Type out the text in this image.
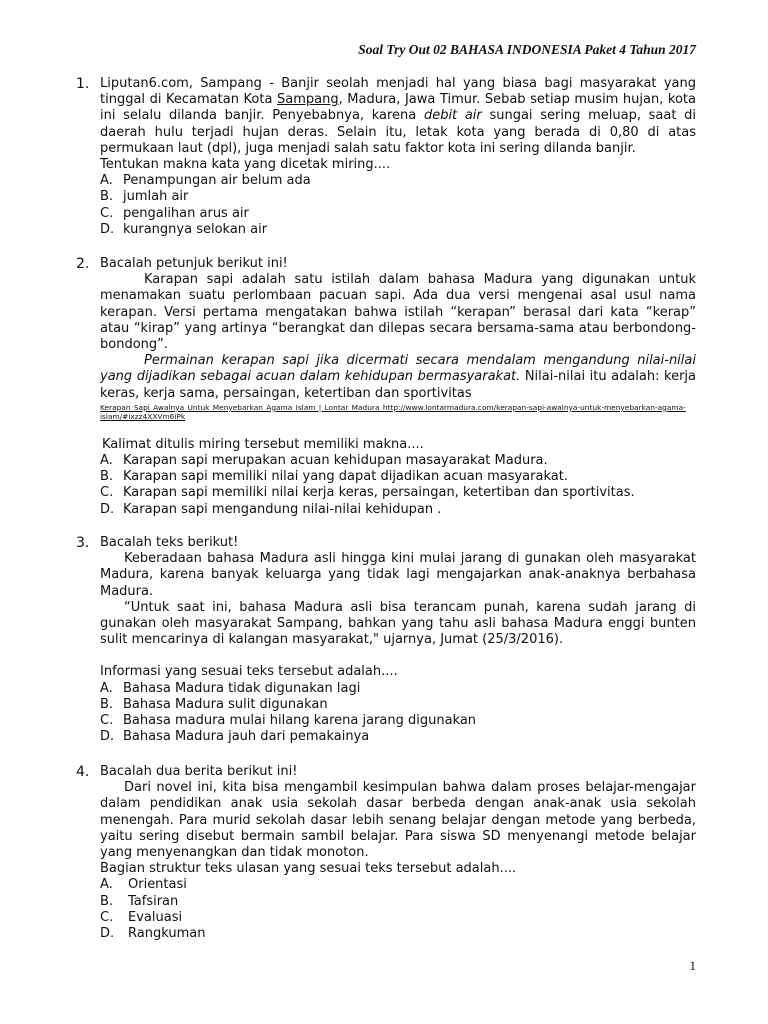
Soal Try Out 02 BAHASA INDONESIA Paket 4 Tahun 2017
1. Liputan6.com, Sampang - Banjir seolah menjadi hal yang biasa bagi masyarakat yang tinggal di Kecamatan Kota Sampang, Madura, Jawa Timur. Sebab setiap musim hujan, kota ini selalu dilanda banjir. Penyebabnya, karena debit air sungai sering meluap, saat di daerah hulu terjadi hujan deras. Selain itu, letak kota yang berada di 0,80 di atas permukaan laut (dpl), juga menjadi salah satu faktor kota ini sering dilanda banjir.
Tentukan makna kata yang dicetak miring....
A. Penampungan air belum ada
B. jumlah air
C. pengalihan arus air
D. kurangnya selokan air
2. Bacalah petunjuk berikut ini!
Karapan sapi adalah satu istilah dalam bahasa Madura yang digunakan untuk menamakan suatu perlombaan pacuan sapi. Ada dua versi mengenai asal usul nama kerapan. Versi pertama mengatakan bahwa istilah “kerapan” berasal dari kata “kerap” atau “kirap” yang artinya “berangkat dan dilepas secara bersama-sama atau berbondong-bondong”.
Permainan kerapan sapi jika dicermati secara mendalam mengandung nilai-nilai yang dijadikan sebagai acuan dalam kehidupan bermasyarakat. Nilai-nilai itu adalah: kerja keras, kerja sama, persaingan, ketertiban dan sportivitas
Kerapan Sapi Awalnya Untuk Menyebarkan Agama Islam | Lontar Madura http://www.lontarmadura.com/kerapan-sapi-awalnya-untuk-menyebarkan-agama-islam/#ixzz4XXVm6iPk
Kalimat ditulis miring tersebut memiliki makna....
A. Karapan sapi merupakan acuan kehidupan masayarakat Madura.
B. Karapan sapi memiliki nilai yang dapat dijadikan acuan masyarakat.
C. Karapan sapi memiliki nilai kerja keras, persaingan, ketertiban dan sportivitas.
D. Karapan sapi mengandung nilai-nilai kehidupan .
3. Bacalah teks berikut!
Keberadaan bahasa Madura asli hingga kini mulai jarang di gunakan oleh masyarakat Madura, karena banyak keluarga yang tidak lagi mengajarkan anak-anaknya berbahasa Madura.
“Untuk saat ini, bahasa Madura asli bisa terancam punah, karena sudah jarang di gunakan oleh masyarakat Sampang, bahkan yang tahu asli bahasa Madura enggi bunten sulit mencarinya di kalangan masyarakat," ujarnya, Jumat (25/3/2016).
Informasi yang sesuai teks tersebut adalah....
A. Bahasa Madura tidak digunakan lagi
B. Bahasa Madura sulit digunakan
C. Bahasa madura mulai hilang karena jarang digunakan
D. Bahasa Madura jauh dari pemakainya
4. Bacalah dua berita berikut ini!
Dari novel ini, kita bisa mengambil kesimpulan bahwa dalam proses belajar-mengajar dalam pendidikan anak usia sekolah dasar berbeda dengan anak-anak usia sekolah menengah. Para murid sekolah dasar lebih senang belajar dengan metode yang berbeda, yaitu sering disebut bermain sambil belajar. Para siswa SD menyenangi metode belajar yang menyenangkan dan tidak monoton.
Bagian struktur teks ulasan yang sesuai teks tersebut adalah....
A.	Orientasi
B.	Tafsiran
C.	Evaluasi
D.	Rangkuman
1
